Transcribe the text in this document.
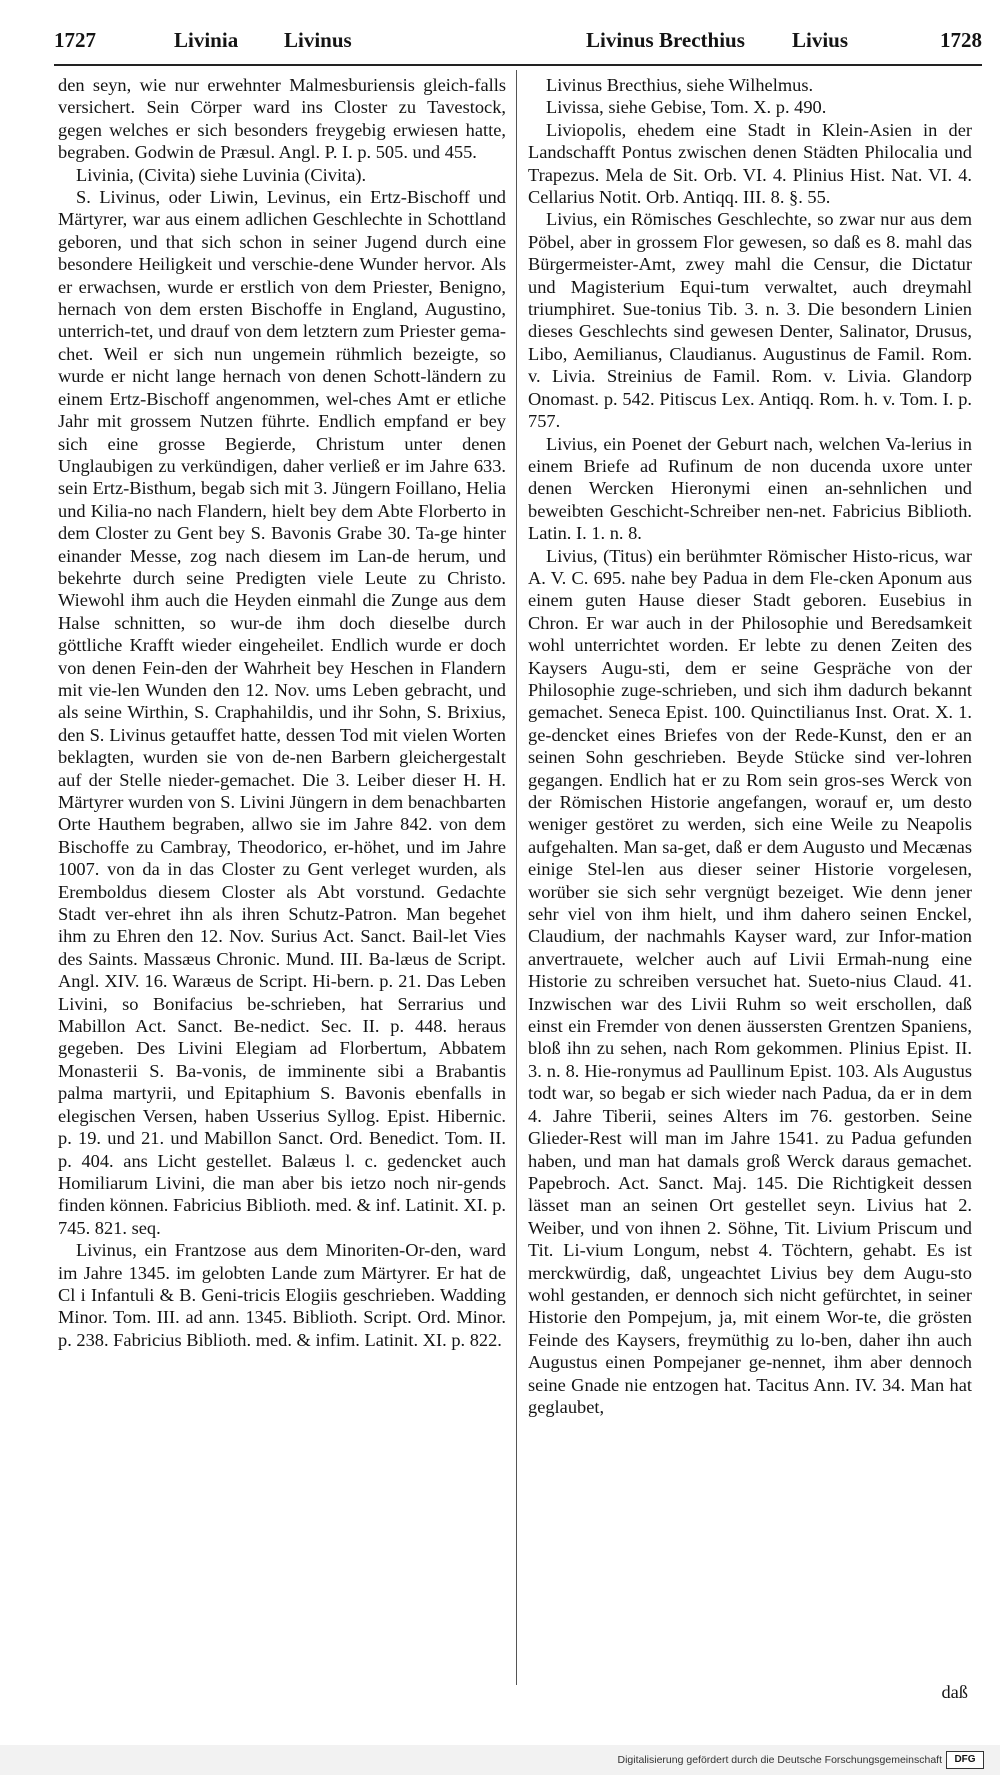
1727	Livinia Livinus	Livinus Brecthius Livius	1728

den seyn, wie nur erwehnter Malmesburiensis gleich-falls versichert. Sein Cörper ward ins Closter zu Tavestock, gegen welches er sich besonders freygebig erwiesen hatte, begraben. Godwin de Præsul. Angl. P. I. p. 505. und 455.

Livinia, (Civita) siehe Luvinia (Civita).

S. Livinus, oder Liwin, Levinus, ein Ertz-Bischoff und Märtyrer, war aus einem adlichen Geschlechte in Schottland geboren, und that sich schon in seiner Jugend durch eine besondere Heiligkeit und verschie-dene Wunder hervor. Als er erwachsen, wurde er erstlich von dem Priester, Benigno, hernach von dem ersten Bischoffe in England, Augustino, unterrich-tet, und drauf von dem letztern zum Priester gema-chet. Weil er sich nun ungemein rühmlich bezeigte, so wurde er nicht lange hernach von denen Schott-ländern zu einem Ertz-Bischoff angenommen, wel-ches Amt er etliche Jahr mit grossem Nutzen führte. Endlich empfand er bey sich eine grosse Begierde, Christum unter denen Unglaubigen zu verkündigen, daher verließ er im Jahre 633. sein Ertz-Bisthum, begab sich mit 3. Jüngern Foillano, Helia und Kilia-no nach Flandern, hielt bey dem Abte Florberto in dem Closter zu Gent bey S. Bavonis Grabe 30. Ta-ge hinter einander Messe, zog nach diesem im Lan-de herum, und bekehrte durch seine Predigten viele Leute zu Christo. Wiewohl ihm auch die Heyden einmahl die Zunge aus dem Halse schnitten, so wur-de ihm doch dieselbe durch göttliche Krafft wieder eingeheilet. Endlich wurde er doch von denen Fein-den der Wahrheit bey Heschen in Flandern mit vie-len Wunden den 12. Nov. ums Leben gebracht, und als seine Wirthin, S. Craphahildis, und ihr Sohn, S. Brixius, den S. Livinus getauffet hatte, dessen Tod mit vielen Worten beklagten, wurden sie von de-nen Barbern gleichergestalt auf der Stelle nieder-gemachet. Die 3. Leiber dieser H. H. Märtyrer wurden von S. Livini Jüngern in dem benachbarten Orte Hauthem begraben, allwo sie im Jahre 842. von dem Bischoffe zu Cambray, Theodorico, er-höhet, und im Jahre 1007. von da in das Closter zu Gent verleget wurden, als Eremboldus diesem Closter als Abt vorstund. Gedachte Stadt ver-ehret ihn als ihren Schutz-Patron. Man begehet ihm zu Ehren den 12. Nov. Surius Act. Sanct. Bail-let Vies des Saints. Massæus Chronic. Mund. III. Ba-læus de Script. Angl. XIV. 16. Waræus de Script. Hi-bern. p. 21. Das Leben Livini, so Bonifacius be-schrieben, hat Serrarius und Mabillon Act. Sanct. Be-nedict. Sec. II. p. 448. heraus gegeben. Des Livini Elegiam ad Florbertum, Abbatem Monasterii S. Ba-vonis, de imminente sibi a Brabantis palma martyrii, und Epitaphium S. Bavonis ebenfalls in elegischen Versen, haben Usserius Syllog. Epist. Hibernic. p. 19. und 21. und Mabillon Sanct. Ord. Benedict. Tom. II. p. 404. ans Licht gestellet. Balæus l. c. gedencket auch Homiliarum Livini, die man aber bis ietzo noch nir-gends finden können. Fabricius Biblioth. med. & inf. Latinit. XI. p. 745. 821. seq.

Livinus, ein Frantzose aus dem Minoriten-Or-den, ward im Jahre 1345. im gelobten Lande zum Märtyrer. Er hat de Cl i Infantuli & B. Geni-tricis Elogiis geschrieben. Wadding Minor. Tom. III. ad ann. 1345. Biblioth. Script. Ord. Minor. p. 238. Fabricius Biblioth. med. & infim. Latinit. XI. p. 822.

Livinus Brecthius, siehe Wilhelmus.

Livissa, siehe Gebise, Tom. X. p. 490.

Liviopolis, ehedem eine Stadt in Klein-Asien in der Landschafft Pontus zwischen denen Städten Philocalia und Trapezus. Mela de Sit. Orb. VI. 4. Plinius Hist. Nat. VI. 4. Cellarius Notit. Orb. Antiqq. III. 8. §. 55.

Livius, ein Römisches Geschlechte, so zwar nur aus dem Pöbel, aber in grossem Flor gewesen, so daß es 8. mahl das Bürgermeister-Amt, zwey mahl die Censur, die Dictatur und Magisterium Equi-tum verwaltet, auch dreymahl triumphiret. Sue-tonius Tib. 3. n. 3. Die besondern Linien dieses Geschlechts sind gewesen Denter, Salinator, Drusus, Libo, Aemilianus, Claudianus. Augustinus de Famil. Rom. v. Livia. Streinius de Famil. Rom. v. Livia. Glandorp Onomast. p. 542. Pitiscus Lex. Antiqq. Rom. h. v. Tom. I. p. 757.

Livius, ein Poenet der Geburt nach, welchen Va-lerius in einem Briefe ad Rufinum de non ducenda uxore unter denen Wercken Hieronymi einen an-sehnlichen und beweibten Geschicht-Schreiber nen-net. Fabricius Biblioth. Latin. I. 1. n. 8.

Livius, (Titus) ein berühmter Römischer Histo-ricus, war A. V. C. 695. nahe bey Padua in dem Fle-cken Aponum aus einem guten Hause dieser Stadt geboren. Eusebius in Chron. Er war auch in der Philosophie und Beredsamkeit wohl unterrichtet worden. Er lebte zu denen Zeiten des Kaysers Augu-sti, dem er seine Gespräche von der Philosophie zuge-schrieben, und sich ihm dadurch bekannt gemachet. Seneca Epist. 100. Quinctilianus Inst. Orat. X. 1. ge-dencket eines Briefes von der Rede-Kunst, den er an seinen Sohn geschrieben. Beyde Stücke sind ver-lohren gegangen. Endlich hat er zu Rom sein gros-ses Werck von der Römischen Historie angefangen, worauf er, um desto weniger gestöret zu werden, sich eine Weile zu Neapolis aufgehalten. Man sa-get, daß er dem Augusto und Mecænas einige Stel-len aus dieser seiner Historie vorgelesen, worüber sie sich sehr vergnügt bezeiget. Wie denn jener sehr viel von ihm hielt, und ihm dahero seinen Enckel, Claudium, der nachmahls Kayser ward, zur Infor-mation anvertrauete, welcher auch auf Livii Ermah-nung eine Historie zu schreiben versuchet hat. Sueto-nius Claud. 41. Inzwischen war des Livii Ruhm so weit erschollen, daß einst ein Fremder von denen äussersten Grentzen Spaniens, bloß ihn zu sehen, nach Rom gekommen. Plinius Epist. II. 3. n. 8. Hie-ronymus ad Paullinum Epist. 103. Als Augustus todt war, so begab er sich wieder nach Padua, da er in dem 4. Jahre Tiberii, seines Alters im 76. gestorben. Seine Glieder-Rest will man im Jahre 1541. zu Padua gefunden haben, und man hat damals groß Werck daraus gemachet. Papebroch. Act. Sanct. Maj. 145. Die Richtigkeit dessen lässet man an seinen Ort gestellet seyn. Livius hat 2. Weiber, und von ihnen 2. Söhne, Tit. Livium Priscum und Tit. Li-vium Longum, nebst 4. Töchtern, gehabt. Es ist merckwürdig, daß, ungeachtet Livius bey dem Augu-sto wohl gestanden, er dennoch sich nicht gefürchtet, in seiner Historie den Pompejum, ja, mit einem Wor-te, die grösten Feinde des Kaysers, freymüthig zu lo-ben, daher ihn auch Augustus einen Pompejaner ge-nennet, ihm aber dennoch seine Gnade nie entzogen hat. Tacitus Ann. IV. 34. Man hat geglaubet,

daß
Digitalisierung gefördert durch die Deutsche Forschungsgemeinschaft	DFG
